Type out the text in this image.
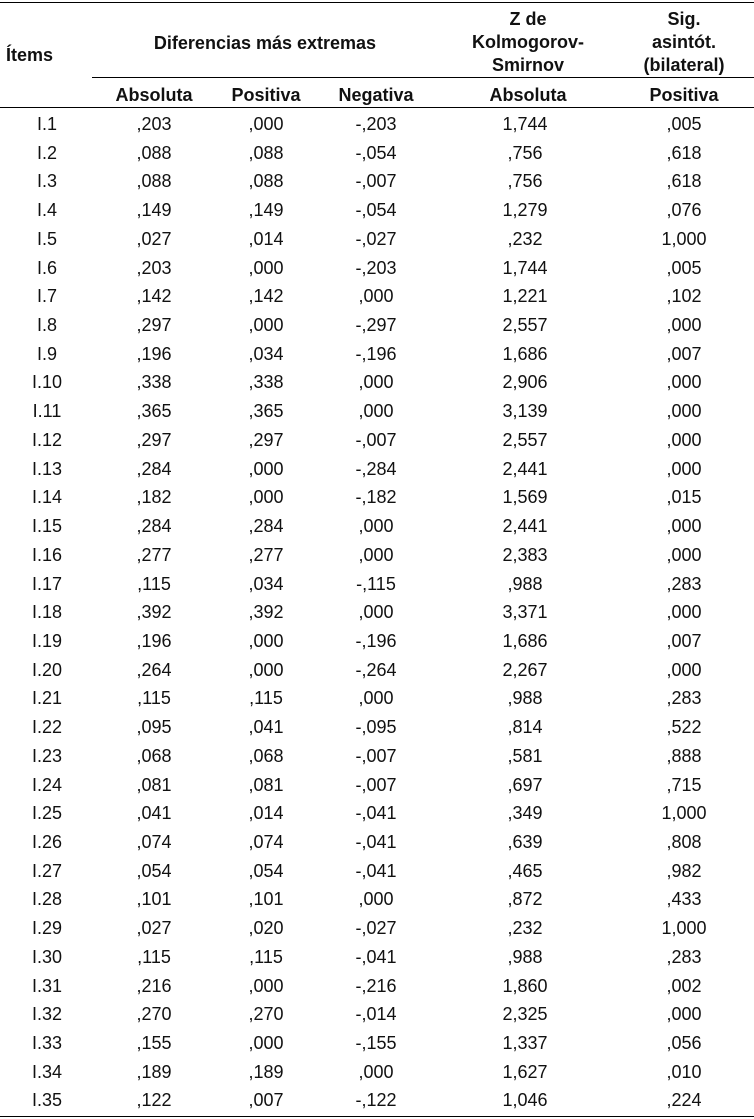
Ítems
Diferencias más extremas
Z de
Kolmogorov-
Smirnov
Sig.
asintót.
(bilateral)
Absoluta	Positiva	Negativa	Absoluta	Positiva
I.1	,203	,000	-,203	1,744	,005
I.2	,088	,088	-,054	,756	,618
I.3	,088	,088	-,007	,756	,618
I.4	,149	,149	-,054	1,279	,076
I.5	,027	,014	-,027	,232	1,000
I.6	,203	,000	-,203	1,744	,005
I.7	,142	,142	,000	1,221	,102
I.8	,297	,000	-,297	2,557	,000
I.9	,196	,034	-,196	1,686	,007
I.10	,338	,338	,000	2,906	,000
I.11	,365	,365	,000	3,139	,000
I.12	,297	,297	-,007	2,557	,000
I.13	,284	,000	-,284	2,441	,000
I.14	,182	,000	-,182	1,569	,015
I.15	,284	,284	,000	2,441	,000
I.16	,277	,277	,000	2,383	,000
I.17	,115	,034	-,115	,988	,283
I.18	,392	,392	,000	3,371	,000
I.19	,196	,000	-,196	1,686	,007
I.20	,264	,000	-,264	2,267	,000
I.21	,115	,115	,000	,988	,283
I.22	,095	,041	-,095	,814	,522
I.23	,068	,068	-,007	,581	,888
I.24	,081	,081	-,007	,697	,715
I.25	,041	,014	-,041	,349	1,000
I.26	,074	,074	-,041	,639	,808
I.27	,054	,054	-,041	,465	,982
I.28	,101	,101	,000	,872	,433
I.29	,027	,020	-,027	,232	1,000
I.30	,115	,115	-,041	,988	,283
I.31	,216	,000	-,216	1,860	,002
I.32	,270	,270	-,014	2,325	,000
I.33	,155	,000	-,155	1,337	,056
I.34	,189	,189	,000	1,627	,010
I.35	,122	,007	-,122	1,046	,224
